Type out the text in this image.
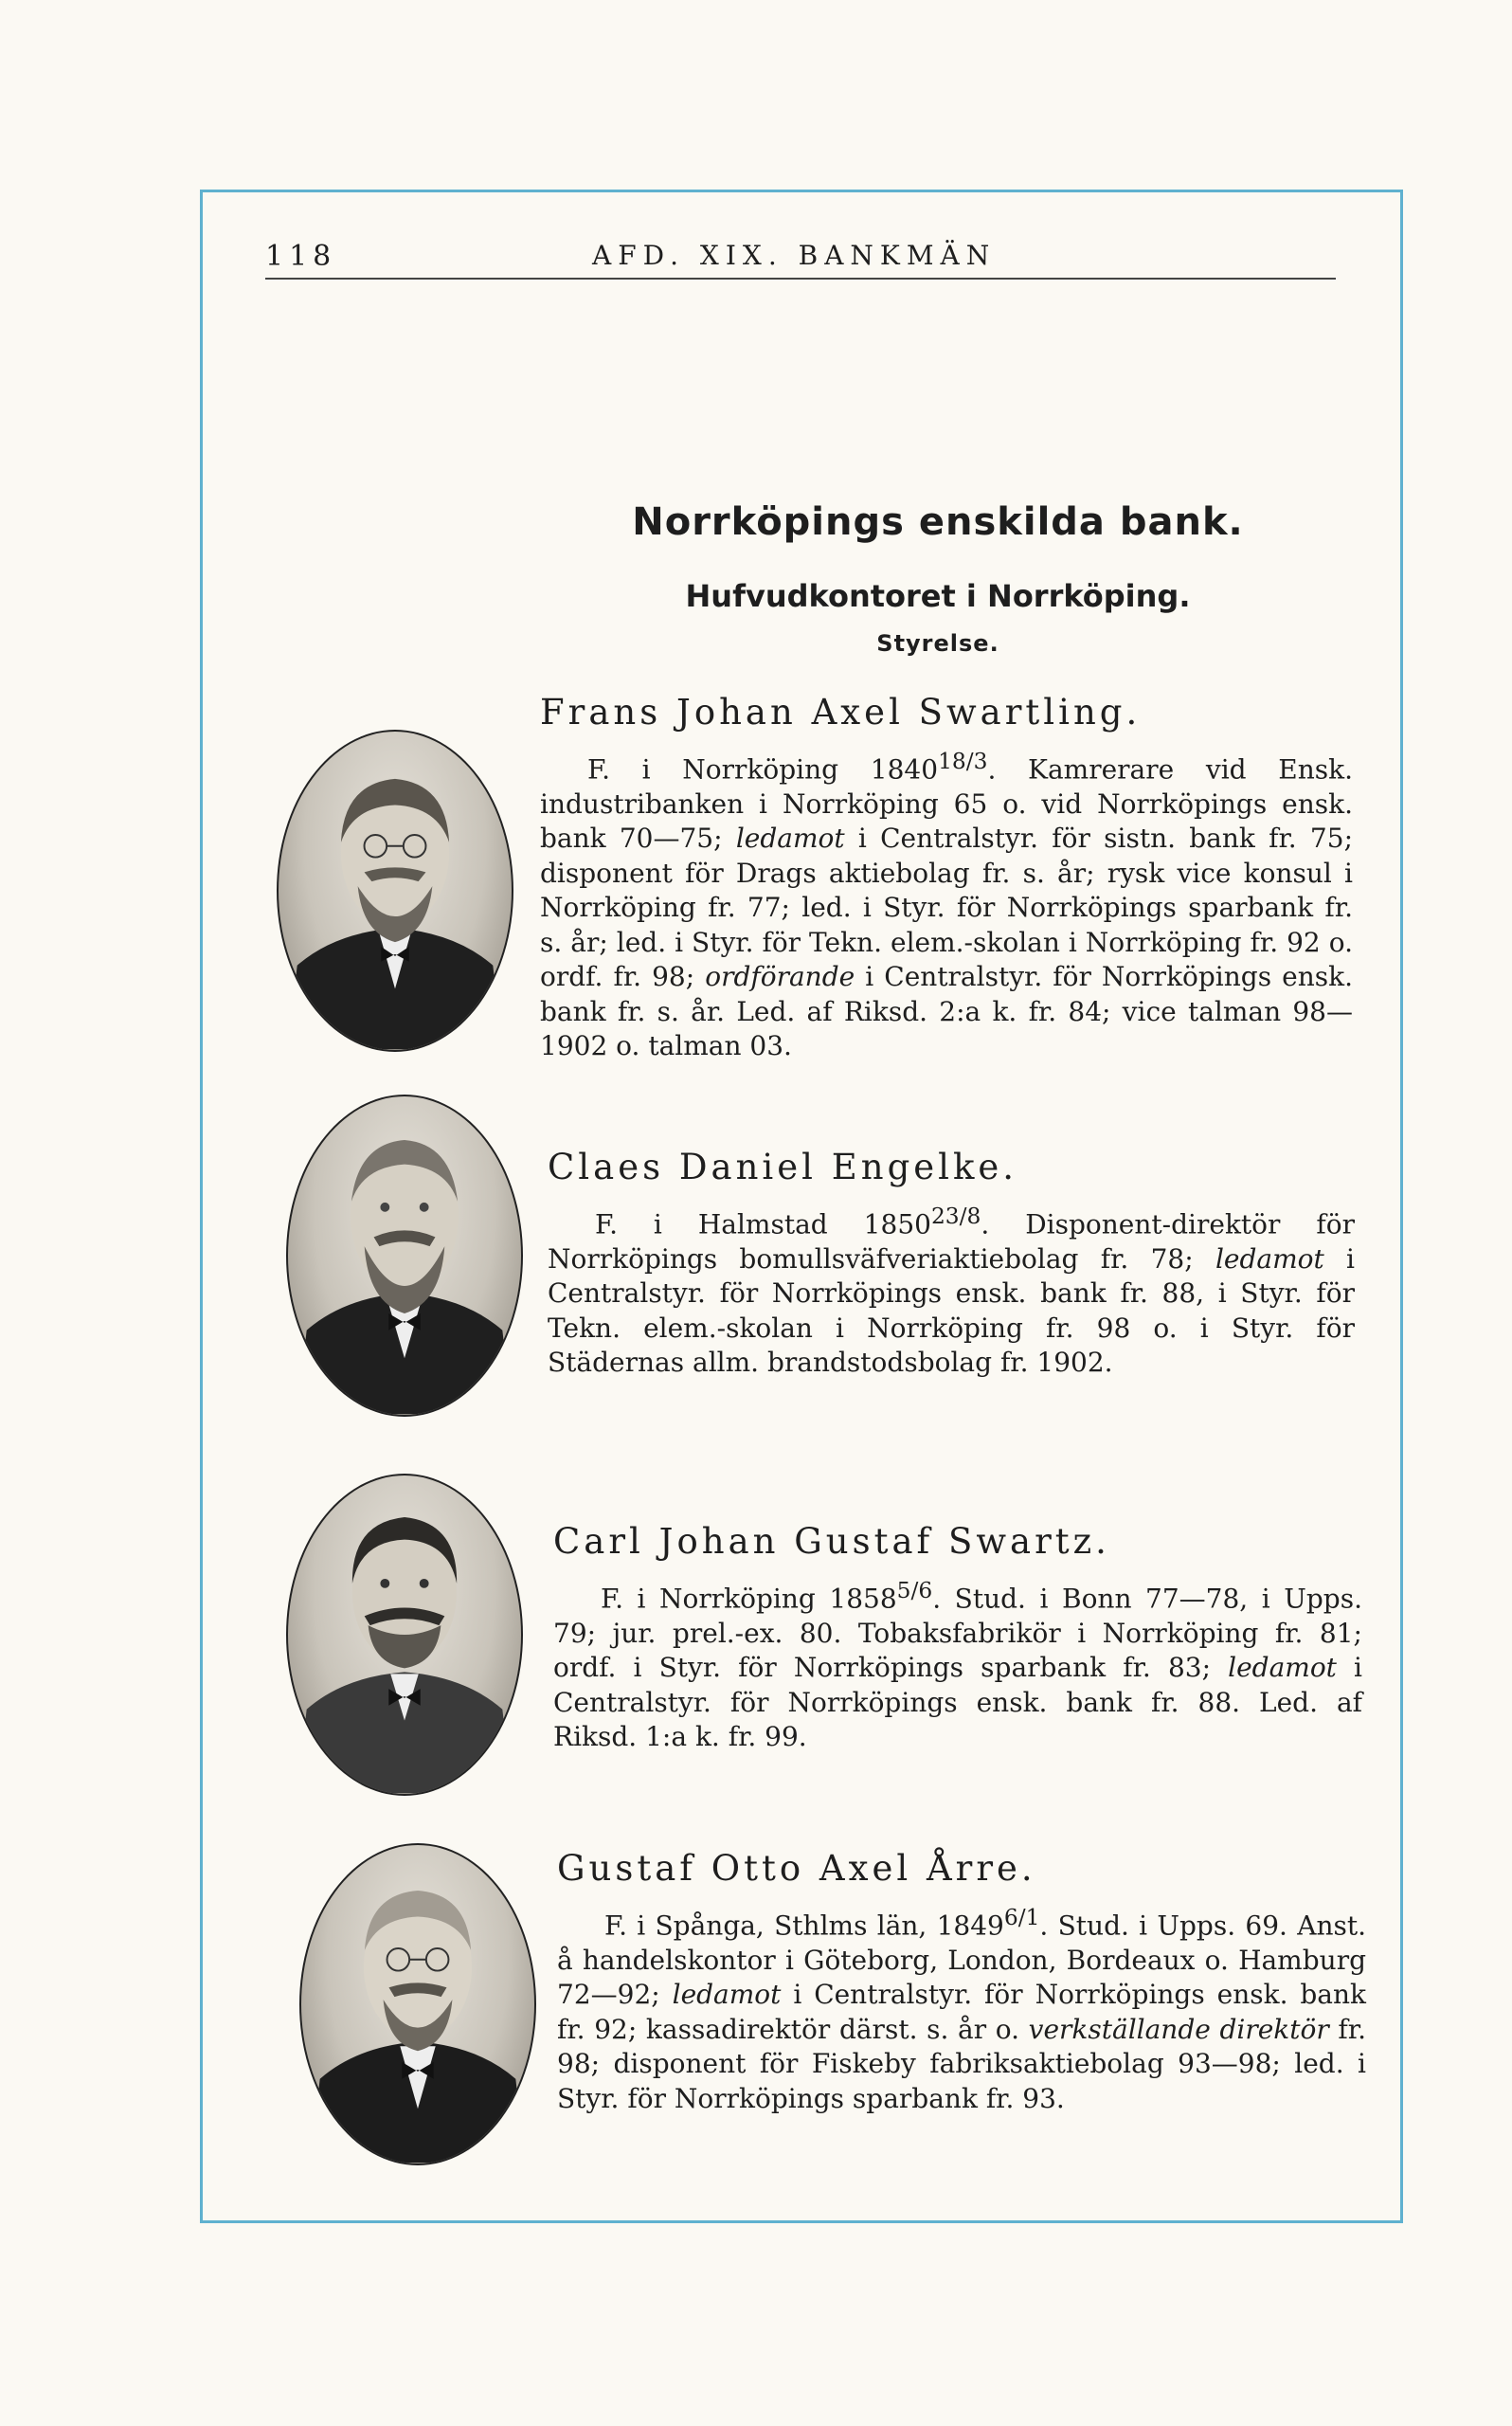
118	AFD. XIX. BANKMÄN
Norrköpings enskilda bank.
Hufvudkontoret i Norrköping.
Styrelse.
Frans Johan Axel Swartling.

F. i Norrköping $1840^{18/3}$. Kamrerare vid Ensk. industribanken i Norrköping 65 o. vid Norrköpings ensk. bank 70—75; ledamot i Centralstyr. för sistn. bank fr. 75; disponent för Drags aktiebolag fr. s. år; rysk vice konsul i Norrköping fr. 77; led. i Styr. för Norrköpings sparbank fr. s. år; led. i Styr. för Tekn. elem.-skolan i Norrköping fr. 92 o. ordf. fr. 98; ordförande i Centralstyr. för Norrköpings ensk. bank fr. s. år. Led. af Riksd. 2:a k. fr. 84; vice talman 98—1902 o. talman 03.

Claes Daniel Engelke.

F. i Halmstad $1850^{23/8}$. Disponent-direktör för Norrköpings bomullsväfveriaktiebolag fr. 78; ledamot i Centralstyr. för Norrköpings ensk. bank fr. 88, i Styr. för Tekn. elem.-skolan i Norrköping fr. 98 o. i Styr. för Städernas allm. brandstodsbolag fr. 1902.

Carl Johan Gustaf Swartz.

F. i Norrköping $1858^{5/6}$. Stud. i Bonn 77—78, i Upps. 79; jur. prel.-ex. 80. Tobaksfabrikör i Norrköping fr. 81; ordf. i Styr. för Norrköpings sparbank fr. 83; ledamot i Centralstyr. för Norrköpings ensk. bank fr. 88. Led. af Riksd. 1:a k. fr. 99.

Gustaf Otto Axel Årre.

F. i Spånga, Sthlms län, $1849^{6/1}$. Stud. i Upps. 69. Anst. å handelskontor i Göteborg, London, Bordeaux o. Hamburg 72—92; ledamot i Centralstyr. för Norrköpings ensk. bank fr. 92; kassadirektör därst. s. år o. verkställande direktör fr. 98; disponent för Fiskeby fabriksaktiebolag 93—98; led. i Styr. för Norrköpings sparbank fr. 93.
